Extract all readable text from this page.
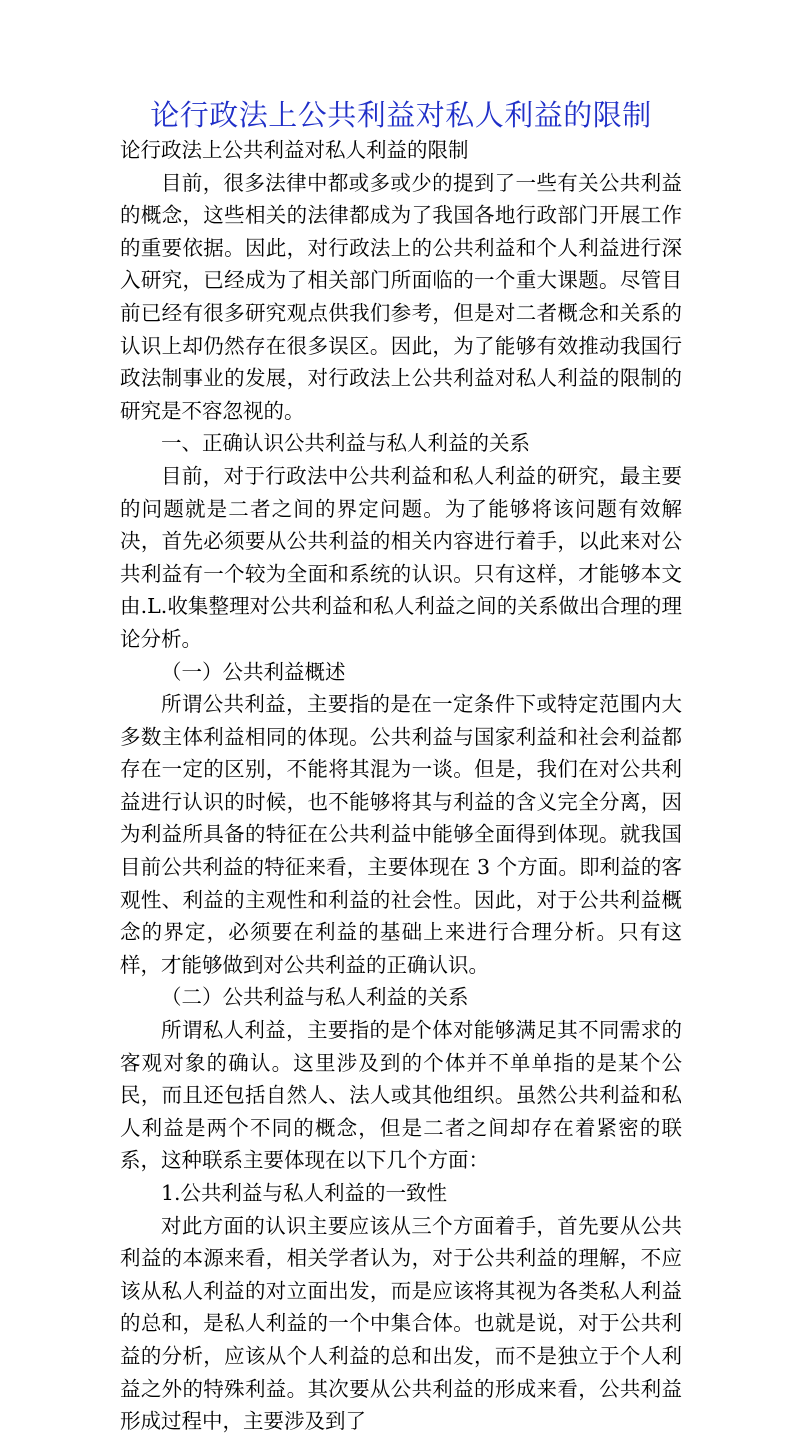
论行政法上公共利益对私人利益的限制

论行政法上公共利益对私人利益的限制

目前，很多法律中都或多或少的提到了一些有关公共利益的概念，这些相关的法律都成为了我国各地行政部门开展工作的重要依据。因此，对行政法上的公共利益和个人利益进行深入研究，已经成为了相关部门所面临的一个重大课题。尽管目前已经有很多研究观点供我们参考，但是对二者概念和关系的认识上却仍然存在很多误区。因此，为了能够有效推动我国行政法制事业的发展，对行政法上公共利益对私人利益的限制的研究是不容忽视的。

一、正确认识公共利益与私人利益的关系

目前，对于行政法中公共利益和私人利益的研究，最主要的问题就是二者之间的界定问题。为了能够将该问题有效解决，首先必须要从公共利益的相关内容进行着手，以此来对公共利益有一个较为全面和系统的认识。只有这样，才能够本文由.L.收集整理对公共利益和私人利益之间的关系做出合理的理论分析。

（一）公共利益概述

所谓公共利益，主要指的是在一定条件下或特定范围内大多数主体利益相同的体现。公共利益与国家利益和社会利益都存在一定的区别，不能将其混为一谈。但是，我们在对公共利益进行认识的时候，也不能够将其与利益的含义完全分离，因为利益所具备的特征在公共利益中能够全面得到体现。就我国目前公共利益的特征来看，主要体现在 3 个方面。即利益的客观性、利益的主观性和利益的社会性。因此，对于公共利益概念的界定，必须要在利益的基础上来进行合理分析。只有这样，才能够做到对公共利益的正确认识。

（二）公共利益与私人利益的关系

所谓私人利益，主要指的是个体对能够满足其不同需求的客观对象的确认。这里涉及到的个体并不单单指的是某个公民，而且还包括自然人、法人或其他组织。虽然公共利益和私人利益是两个不同的概念，但是二者之间却存在着紧密的联系，这种联系主要体现在以下几个方面：

1.公共利益与私人利益的一致性

对此方面的认识主要应该从三个方面着手，首先要从公共利益的本源来看，相关学者认为，对于公共利益的理解，不应该从私人利益的对立面出发，而是应该将其视为各类私人利益的总和，是私人利益的一个中集合体。也就是说，对于公共利益的分析，应该从个人利益的总和出发，而不是独立于个人利益之外的特殊利益。其次要从公共利益的形成来看，公共利益形成过程中，主要涉及到了
